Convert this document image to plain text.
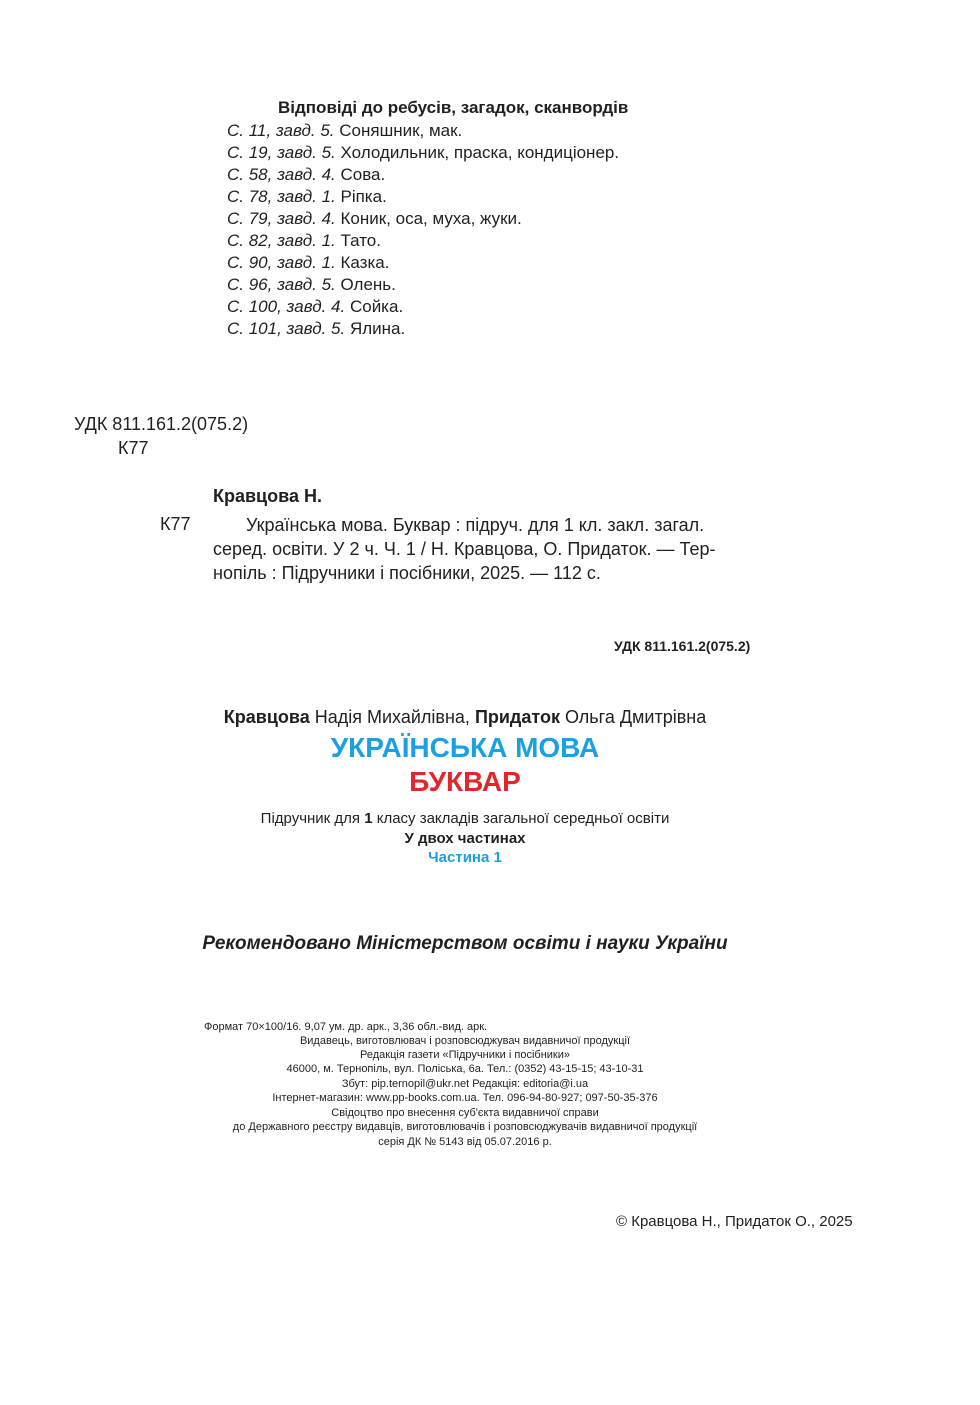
Відповіді до ребусів, загадок, сканвордів
С. 11, завд. 5. Соняшник, мак.
С. 19, завд. 5. Холодильник, праска, кондиціонер.
С. 58, завд. 4. Сова.
С. 78, завд. 1. Ріпка.
С. 79, завд. 4. Коник, оса, муха, жуки.
С. 82, завд. 1. Тато.
С. 90, завд. 1. Казка.
С. 96, завд. 5. Олень.
С. 100, завд. 4. Сойка.
С. 101, завд. 5. Ялина.
УДК 811.161.2(075.2)
К77
Кравцова Н.
К77	Українська мова. Буквар : підруч. для 1 кл. закл. загал.
серед. освіти. У 2 ч. Ч. 1 / Н. Кравцова, О. Придаток. — Тер-
нопіль : Підручники і посібники, 2025. — 112 с.
УДК 811.161.2(075.2)
Кравцова Надія Михайлівна, Придаток Ольга Дмитрівна
УКРАЇНСЬКА МОВА
БУКВАР
Підручник для 1 класу закладів загальної середньої освіти
У двох частинах
Частина 1
Рекомендовано Міністерством освіти і науки України
Формат 70×100/16. 9,07 ум. др. арк., 3,36 обл.-вид. арк.
Видавець, виготовлювач і розповсюджувач видавничої продукції
Редакція газети «Підручники і посібники»
46000, м. Тернопіль, вул. Поліська, 6а. Тел.: (0352) 43-15-15; 43-10-31
Збут: pip.ternopil@ukr.net Редакція: editoria@i.ua
Інтернет-магазин: www.pp-books.com.ua. Тел. 096-94-80-927; 097-50-35-376
Свідоцтво про внесення суб'єкта видавничої справи
до Державного реєстру видавців, виготовлювачів і розповсюджувачів видавничої продукції
серія ДК № 5143 від 05.07.2016 р.
© Кравцова Н., Придаток О., 2025
